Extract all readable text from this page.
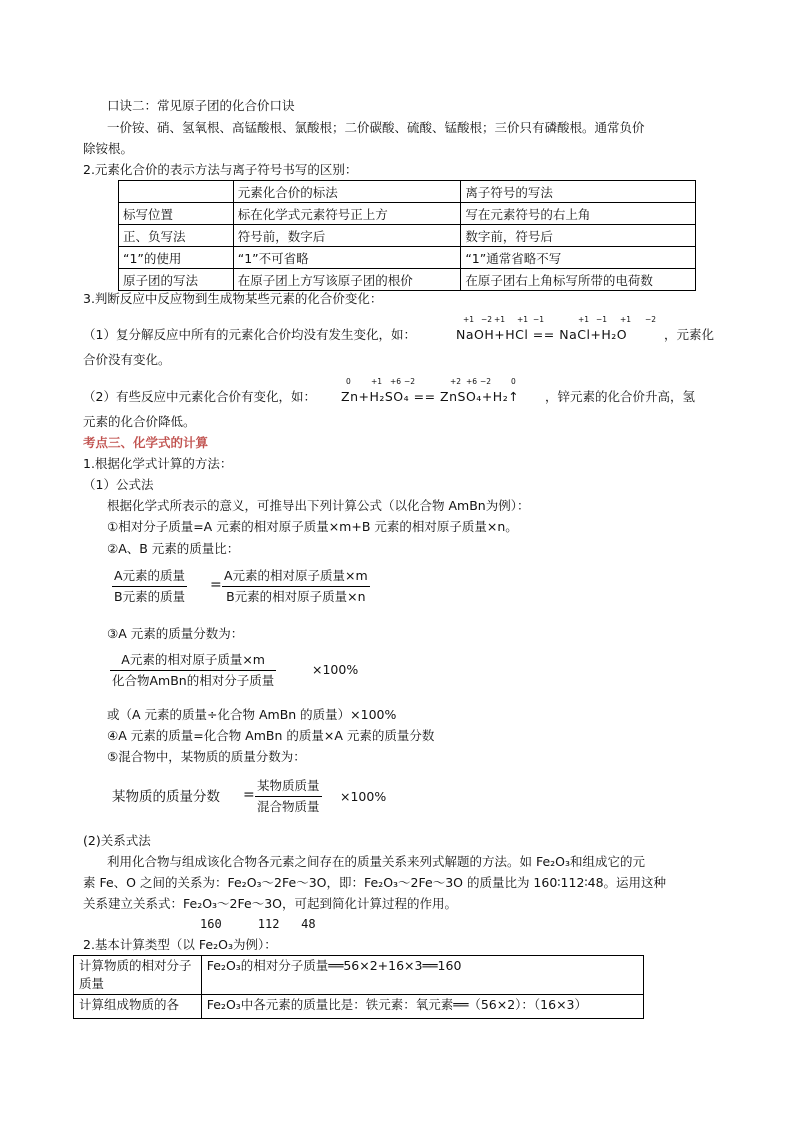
口诀二：常见原子团的化合价口诀
一价铵、硝、氢氧根、高锰酸根、氯酸根；二价碳酸、硫酸、锰酸根；三价只有磷酸根。通常负价
除铵根。
2.元素化合价的表示方法与离子符号书写的区别：
	元素化合价的标法	离子符号的写法
标写位置	标在化学式元素符号正上方	写在元素符号的右上角
正、负写法	符号前，数字后	数字前，符号后
“1”的使用	“1”不可省略	“1”通常省略不写
原子团的写法	在原子团上方写该原子团的根价	在原子团右上角标写所带的电荷数
3.判断反应中反应物到生成物某些元素的化合价变化：
（1）复分解反应中所有的元素化合价均没有发生变化，如：	NaOH+HCl == NaCl+H₂O
+1 −2 +1 +1 −1	+1 −1 +1 −2
，元素化
合价没有变化。
（2）有些反应中元素化合价有变化，如： Zn+H₂SO₄ == ZnSO₄+H₂↑
0	+1 +6 −2	+2 +6 −2	0
，锌元素的化合价升高，氢
元素的化合价降低。
考点三、化学式的计算
1.根据化学式计算的方法：
（1）公式法
根据化学式所表示的意义，可推导出下列计算公式（以化合物 AmBn为例）：
①相对分子质量=A 元素的相对原子质量×m+B 元素的相对原子质量×n。
②A、B 元素的质量比：
A元素的质量
B元素的质量
=
A元素的相对原子质量×m
B元素的相对原子质量×n
③A 元素的质量分数为：
A元素的相对原子质量×m
化合物AmBn的相对分子质量
×100%
或（A 元素的质量÷化合物 AmBn 的质量）×100%
④A 元素的质量=化合物 AmBn 的质量×A 元素的质量分数
⑤混合物中，某物质的质量分数为：
某物质的质量分数 =
某物质质量
混合物质量
×100%
(2)关系式法
利用化合物与组成该化合物各元素之间存在的质量关系来列式解题的方法。如 Fe₂O₃和组成它的元
素 Fe、O 之间的关系为：Fe₂O₃～2Fe～3O，即：Fe₂O₃～2Fe～3O 的质量比为 160∶112∶48。运用这种
关系建立关系式：Fe₂O₃～2Fe～3O，可起到简化计算过程的作用。
160     112   48
2.基本计算类型（以 Fe₂O₃为例）：
计算物质的相对分子质量	Fe₂O₃的相对分子质量══56×2+16×3══160
计算组成物质的各	Fe₂O₃中各元素的质量比是：铁元素：氧元素══（56×2）：（16×3）
